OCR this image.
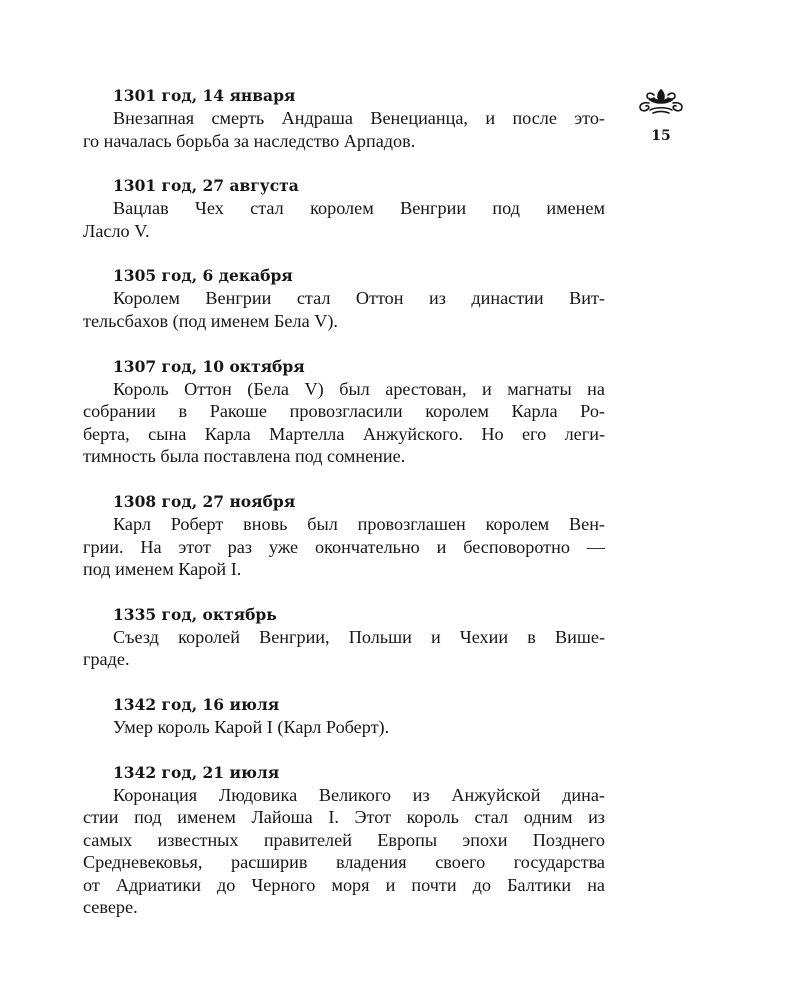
15

1301 год, 14 января

Внезапная смерть Андраша Венецианца, и после это-

го началась борьба за наследство Арпадов.

1301 год, 27 августа

Вацлав Чех стал королем Венгрии под именем

Ласло V.

1305 год, 6 декабря

Королем Венгрии стал Оттон из династии Вит-

тельсбахов (под именем Бела V).

1307 год, 10 октября

Король Оттон (Бела V) был арестован, и магнаты на

собрании в Ракоше провозгласили королем Карла Ро-

берта, сына Карла Мартелла Анжуйского. Но его леги-

тимность была поставлена под сомнение.

1308 год, 27 ноября

Карл Роберт вновь был провозглашен королем Вен-

грии. На этот раз уже окончательно и бесповоротно —

под именем Карой I.

1335 год, октябрь

Съезд королей Венгрии, Польши и Чехии в Више-

граде.

1342 год, 16 июля

Умер король Карой I (Карл Роберт).

1342 год, 21 июля

Коронация Людовика Великого из Анжуйской дина-

стии под именем Лайоша I. Этот король стал одним из

самых известных правителей Европы эпохи Позднего

Средневековья, расширив владения своего государства

от Адриатики до Черного моря и почти до Балтики на

севере.
